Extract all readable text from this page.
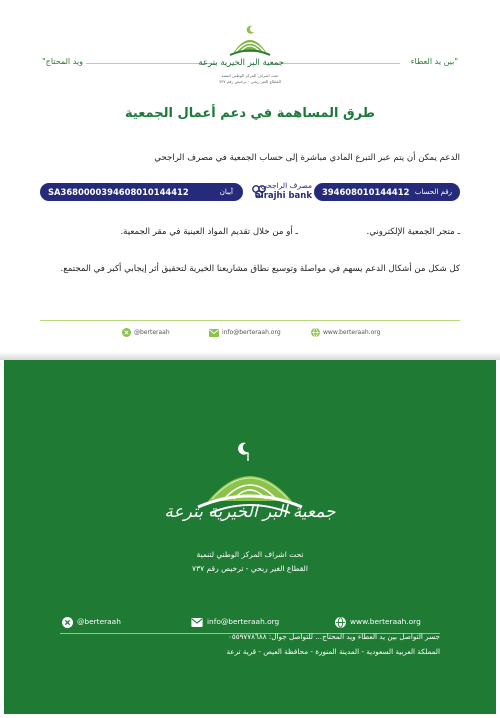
"بين يد العطاء
ويد المحتاج"	جمعية البر الخيرية بترعة
تحت اشراف المركز الوطني لتنمية
القطاع الغير ربحي - ترخيص رقم ٧٣٧
طرق المساهمة في دعم أعمال الجمعية
الدعم يمكن أن يتم عبر التبرع المادي مباشرة إلى حساب الجمعية في مصرف الراجحي
آيبان
SA3680000394608010144412
مصرف الراجحي
alrajhi bank	رقم الحساب
394608010144412
ـ متجر الجمعية الإلكتروني.
ـ أو من خلال تقديم المواد العينية في مقر الجمعية.
كل شكل من أشكال الدعم يسهم في مواصلة وتوسيع نطاق مشاريعنا الخيرية لتحقيق أثر إيجابي أكبر في المجتمع.
@berteraah	info@berteraah.org	www.berteraah.org
جمعية البر الخيرية بترعة
تحت اشراف المركز الوطني لتنمية
القطاع الغير ربحي - ترخيص رقم ٧٣٧
@berteraah	info@berteraah.org	www.berteraah.org
جسر التواصل بين يد العطاء ويد المحتاج... للتواصل جوال: ٠٥٥٩٧٧٨٦٨٨
المملكة العربية السعودية - المدينة المنورة - محافظة العيص - قرية ترعة
